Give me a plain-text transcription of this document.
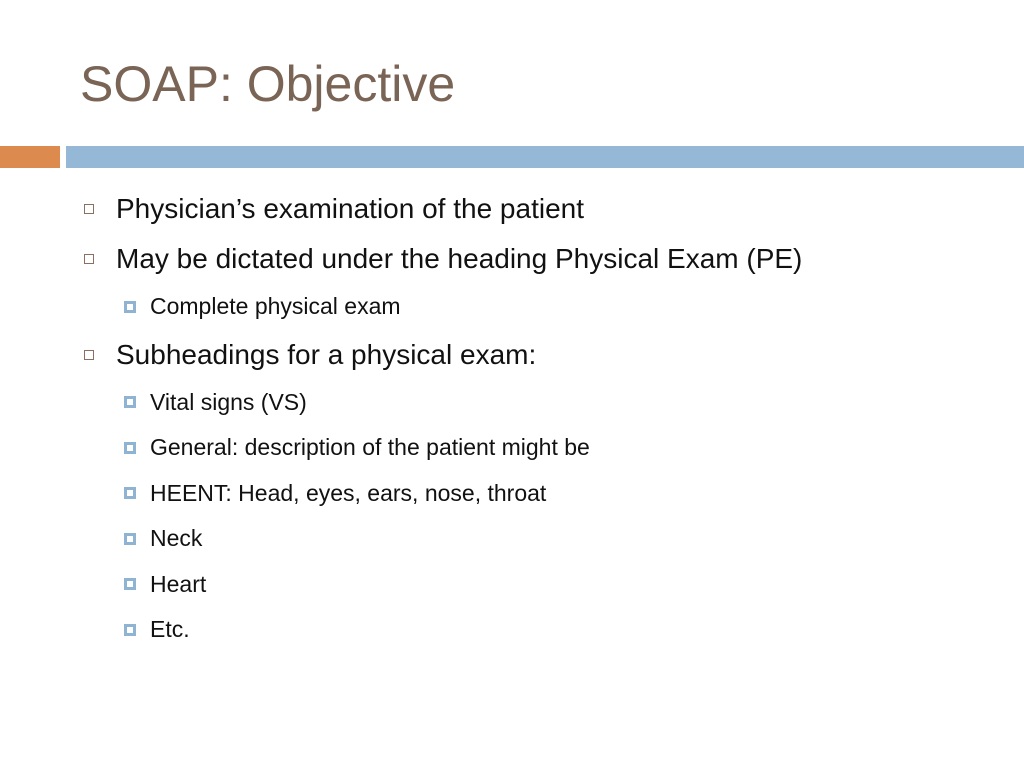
SOAP: Objective
Physician’s examination of the patient
May be dictated under the heading Physical Exam (PE)
Complete physical exam
Subheadings for a physical exam:
Vital signs (VS)
General: description of the patient might be
HEENT: Head, eyes, ears, nose, throat
Neck
Heart
Etc.
